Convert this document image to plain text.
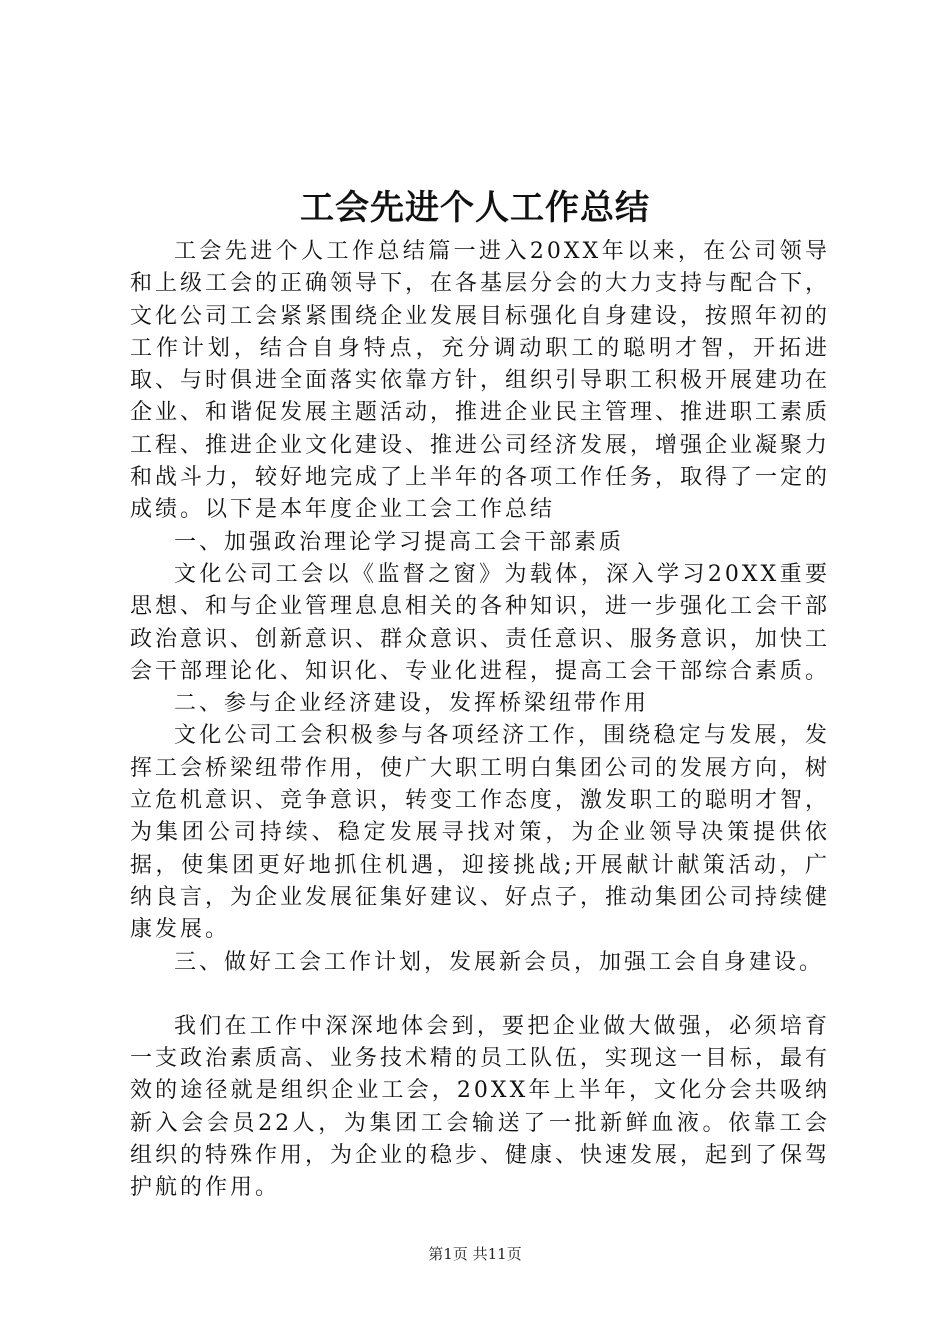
工会先进个人工作总结

工会先进个人工作总结篇一进入20XX年以来，在公司领导和上级工会的正确领导下，在各基层分会的大力支持与配合下，文化公司工会紧紧围绕企业发展目标强化自身建设，按照年初的工作计划，结合自身特点，充分调动职工的聪明才智，开拓进取、与时俱进全面落实依靠方针，组织引导职工积极开展建功在企业、和谐促发展主题活动，推进企业民主管理、推进职工素质工程、推进企业文化建设、推进公司经济发展，增强企业凝聚力和战斗力，较好地完成了上半年的各项工作任务，取得了一定的成绩。以下是本年度企业工会工作总结

一、加强政治理论学习提高工会干部素质

文化公司工会以《监督之窗》为载体，深入学习20XX重要思想、和与企业管理息息相关的各种知识，进一步强化工会干部政治意识、创新意识、群众意识、责任意识、服务意识，加快工会干部理论化、知识化、专业化进程，提高工会干部综合素质。

二、参与企业经济建设，发挥桥梁纽带作用

文化公司工会积极参与各项经济工作，围绕稳定与发展，发挥工会桥梁纽带作用，使广大职工明白集团公司的发展方向，树立危机意识、竞争意识，转变工作态度，激发职工的聪明才智，为集团公司持续、稳定发展寻找对策，为企业领导决策提供依据，使集团更好地抓住机遇，迎接挑战;开展献计献策活动，广纳良言，为企业发展征集好建议、好点子，推动集团公司持续健康发展。

三、做好工会工作计划，发展新会员，加强工会自身建设。

我们在工作中深深地体会到，要把企业做大做强，必须培育一支政治素质高、业务技术精的员工队伍，实现这一目标，最有效的途径就是组织企业工会，20XX年上半年，文化分会共吸纳新入会会员22人，为集团工会输送了一批新鲜血液。依靠工会组织的特殊作用，为企业的稳步、健康、快速发展，起到了保驾护航的作用。

第1页 共11页
